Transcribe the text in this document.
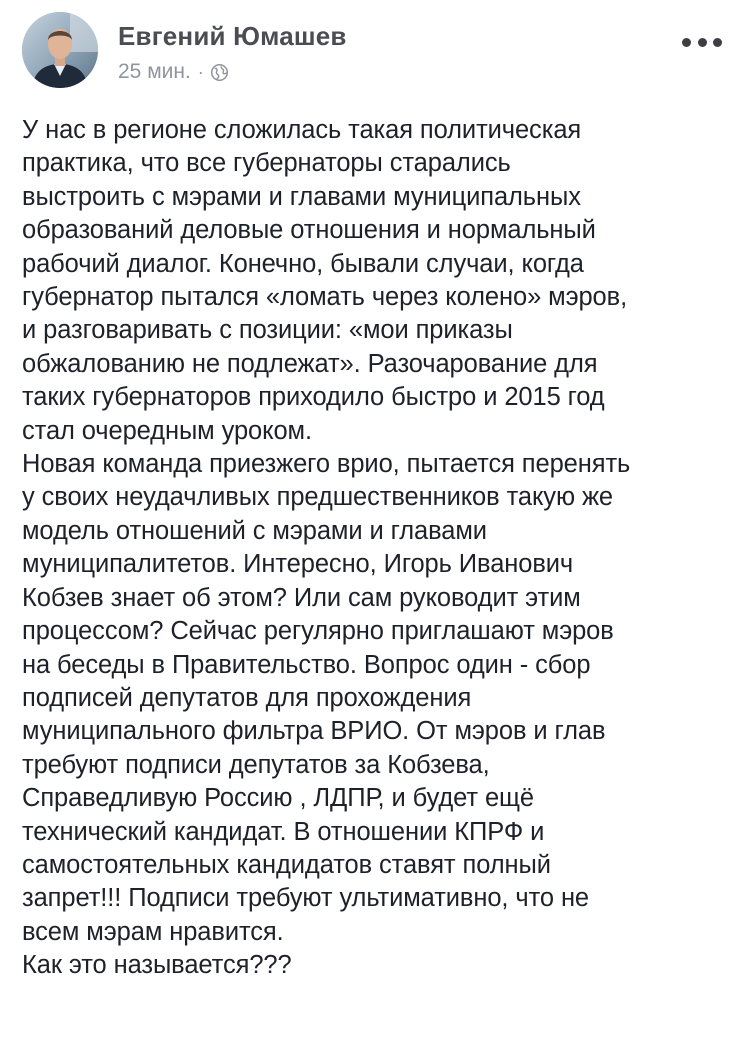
Евгений Юмашев
25 мин. ·
У нас в регионе сложилась такая политическая
практика, что все губернаторы старались
выстроить с мэрами и главами муниципальных
образований деловые отношения и нормальный
рабочий диалог. Конечно, бывали случаи, когда
губернатор пытался «ломать через колено» мэров,
и разговаривать с позиции: «мои приказы
обжалованию не подлежат». Разочарование для
таких губернаторов приходило быстро и 2015 год
стал очередным уроком.
Новая команда приезжего врио, пытается перенять
у своих неудачливых предшественников такую же
модель отношений с мэрами и главами
муниципалитетов. Интересно, Игорь Иванович
Кобзев знает об этом? Или сам руководит этим
процессом? Сейчас регулярно приглашают мэров
на беседы в Правительство. Вопрос один - сбор
подписей депутатов для прохождения
муниципального фильтра ВРИО. От мэров и глав
требуют подписи депутатов за Кобзева,
Справедливую Россию , ЛДПР, и будет ещё
технический кандидат. В отношении КПРФ и
самостоятельных кандидатов ставят полный
запрет!!! Подписи требуют ультимативно, что не
всем мэрам нравится.
Как это называется???
